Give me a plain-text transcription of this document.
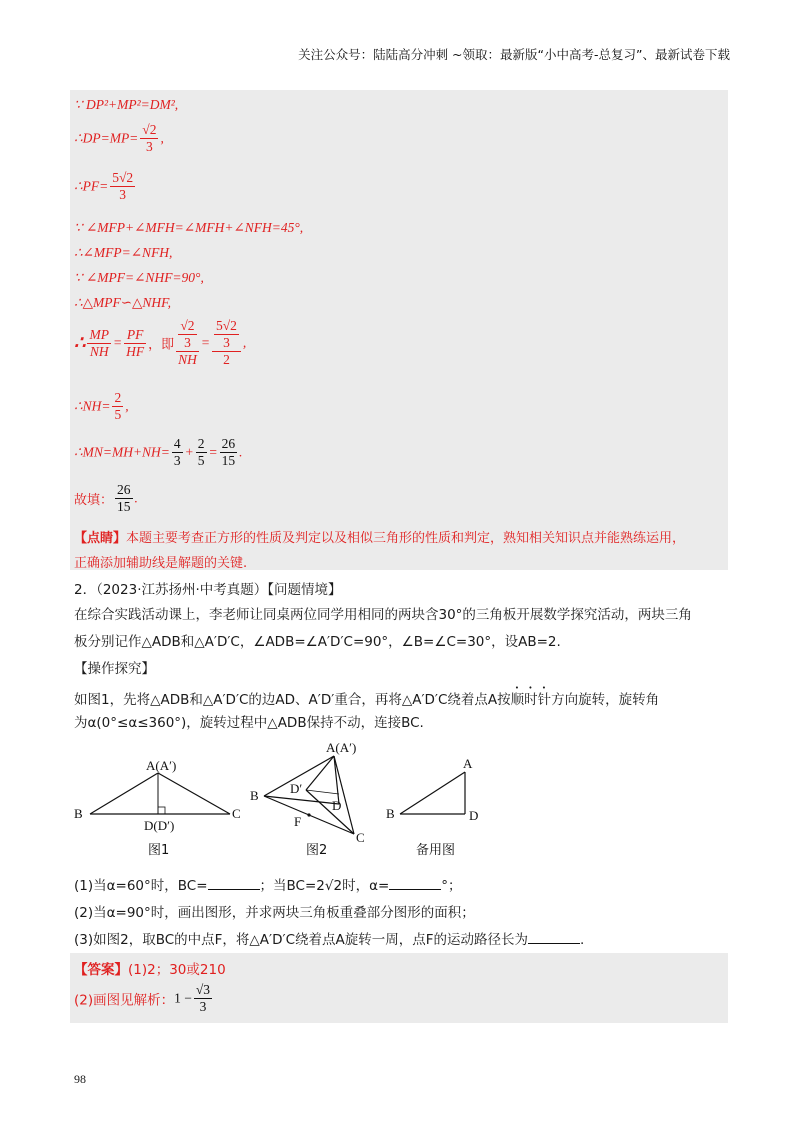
关注公众号：陆陆高分冲刺 ~领取：最新版“小中高考-总复习”、最新试卷下载
∵ DP²+MP²=DM²,
∴DP=MP= $\frac{√2}{3}$ ,
∴PF= $\frac{5√2}{3}$
∵ ∠MFP+∠MFH=∠MFH+∠NFH=45°,
∴∠MFP=∠NFH,
∵ ∠MPF=∠NHF=90°,
∴△MPF∽△NHF,
∴ $\frac{MP}{NH} = \frac{PF}{HF}$ ，即 $\frac{\frac{√2}{3}}{NH} = \frac{\frac{5√2}{3}}{2}$ ,
∴NH= $\frac{2}{5}$ ,
∴MN=MH+NH= $\frac{4}{3} + \frac{2}{5} = \frac{26}{15}$ .
故填： $\frac{26}{15}$ .
【点睛】本题主要考查正方形的性质及判定以及相似三角形的性质和判定，熟知相关知识点并能熟练运用，
正确添加辅助线是解题的关键.
2．（2023·江苏扬州·中考真题）【问题情境】
在综合实践活动课上，李老师让同桌两位同学用相同的两块含30°的三角板开展数学探究活动，两块三角
板分别记作△ADB和△A′D′C，∠ADB=∠A′D′C=90°，∠B=∠C=30°，设AB=2.
【操作探究】
如图1，先将△ADB和△A′D′C的边AD、A′D′重合，再将△A′D′C绕着点A按顺时针方向旋转，旋转角
为α(0°≤α≤360°)，旋转过程中△ADB保持不动，连接BC.
A(A′)
B	C
D(D′)
图1
A(A′)
B
C
D
D′
F
图2
A
B	D
备用图
(1)当α=60°时，BC=	；当BC=2√2时，α=	°；
(2)当α=90°时，画出图形，并求两块三角板重叠部分图形的面积；
(3)如图2，取BC的中点F，将△A′D′C绕着点A旋转一周，点F的运动路径长为	.
【答案】(1)2；30或210
(2)画图见解析：$1 - \frac{√3}{3}$
98
